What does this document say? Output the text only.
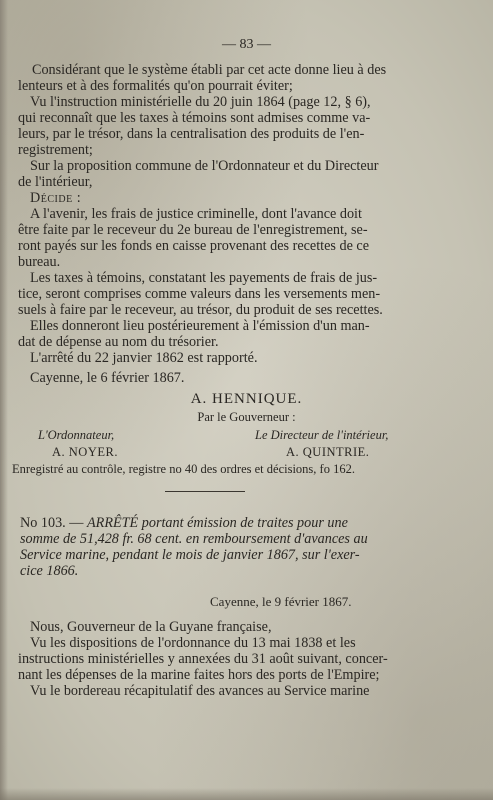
— 83 —
Considérant que le système établi par cet acte donne lieu à des
lenteurs et à des formalités qu'on pourrait éviter;
Vu l'instruction ministérielle du 20 juin 1864 (page 12, § 6),
qui reconnaît que les taxes à témoins sont admises comme va-
leurs, par le trésor, dans la centralisation des produits de l'en-
registrement;
Sur la proposition commune de l'Ordonnateur et du Directeur
de l'intérieur,
Décide :
A l'avenir, les frais de justice criminelle, dont l'avance doit
être faite par le receveur du 2e bureau de l'enregistrement, se-
ront payés sur les fonds en caisse provenant des recettes de ce
bureau.
Les taxes à témoins, constatant les payements de frais de jus-
tice, seront comprises comme valeurs dans les versements men-
suels à faire par le receveur, au trésor, du produit de ses recettes.
Elles donneront lieu postérieurement à l'émission d'un man-
dat de dépense au nom du trésorier.
L'arrêté du 22 janvier 1862 est rapporté.
Cayenne, le 6 février 1867.
A. HENNIQUE.
Par le Gouverneur :
L'Ordonnateur,	Le Directeur de l'intérieur,
A. NOYER.	A. QUINTRIE.
Enregistré au contrôle, registre no 40 des ordres et décisions, fo 162.
No 103. — ARRÊTÉ portant émission de traites pour une
somme de 51,428 fr. 68 cent. en remboursement d'avances au
Service marine, pendant le mois de janvier 1867, sur l'exer-
cice 1866.
Cayenne, le 9 février 1867.
Nous, Gouverneur de la Guyane française,
Vu les dispositions de l'ordonnance du 13 mai 1838 et les
instructions ministérielles y annexées du 31 août suivant, concer-
nant les dépenses de la marine faites hors des ports de l'Empire;
Vu le bordereau récapitulatif des avances au Service marine
